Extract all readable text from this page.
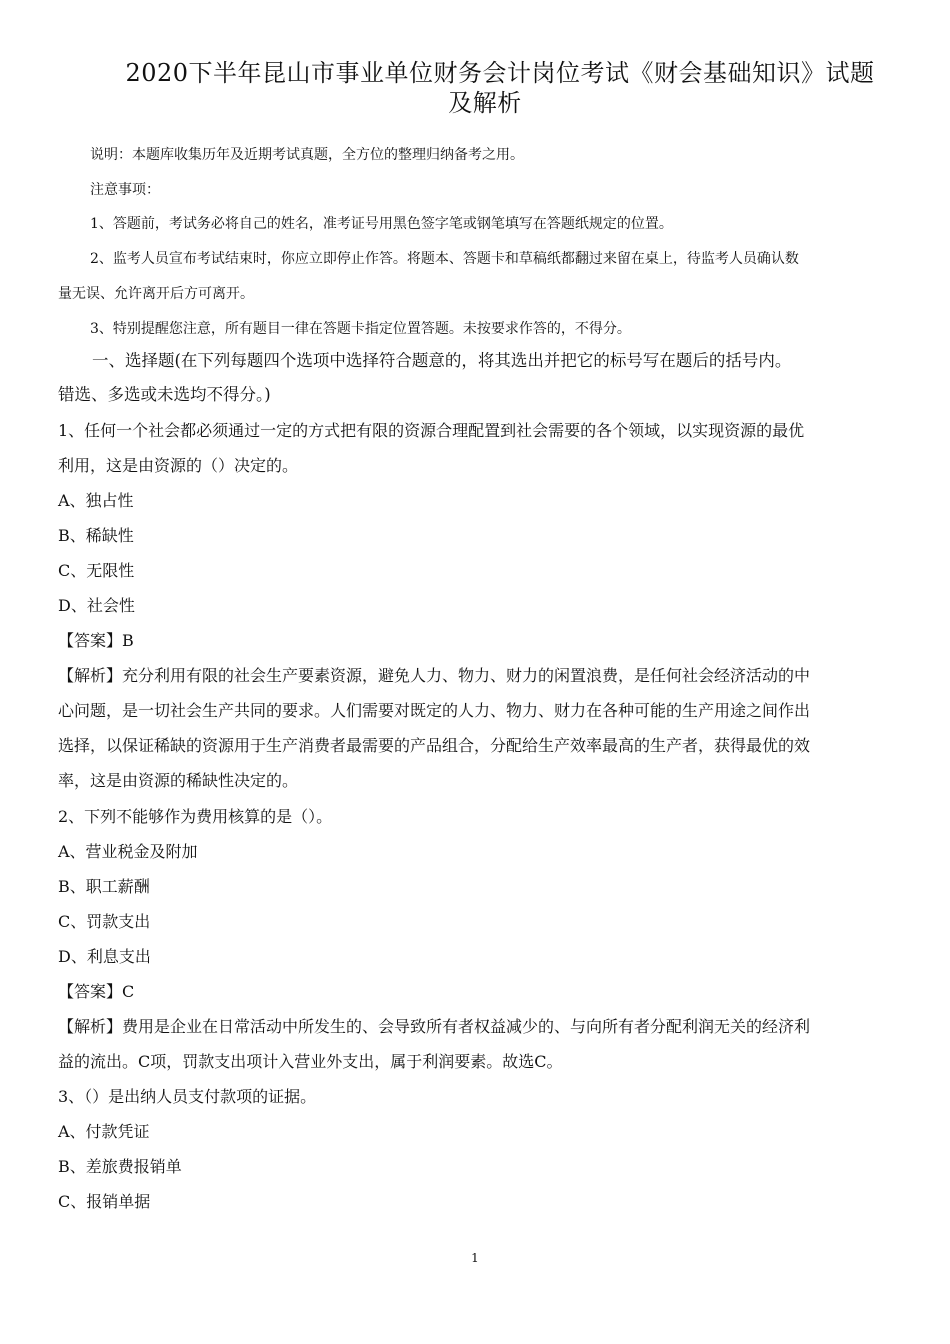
2020下半年昆山市事业单位财务会计岗位考试《财会基础知识》试题
及解析
说明：本题库收集历年及近期考试真题，全方位的整理归纳备考之用。
注意事项：
1、答题前，考试务必将自己的姓名，准考证号用黑色签字笔或钢笔填写在答题纸规定的位置。
2、监考人员宣布考试结束时，你应立即停止作答。将题本、答题卡和草稿纸都翻过来留在桌上，待监考人员确认数
量无误、允许离开后方可离开。
3、特别提醒您注意，所有题目一律在答题卡指定位置答题。未按要求作答的，不得分。
一、选择题(在下列每题四个选项中选择符合题意的，将其选出并把它的标号写在题后的括号内。
错选、多选或未选均不得分。)
1、任何一个社会都必须通过一定的方式把有限的资源合理配置到社会需要的各个领域，以实现资源的最优
利用，这是由资源的（）决定的。
A、独占性
B、稀缺性
C、无限性
D、社会性
【答案】B
【解析】充分利用有限的社会生产要素资源，避免人力、物力、财力的闲置浪费，是任何社会经济活动的中
心问题，是一切社会生产共同的要求。人们需要对既定的人力、物力、财力在各种可能的生产用途之间作出
选择，以保证稀缺的资源用于生产消费者最需要的产品组合，分配给生产效率最高的生产者，获得最优的效
率，这是由资源的稀缺性决定的。
2、下列不能够作为费用核算的是（）。
A、营业税金及附加
B、职工薪酬
C、罚款支出
D、利息支出
【答案】C
【解析】费用是企业在日常活动中所发生的、会导致所有者权益减少的、与向所有者分配利润无关的经济利
益的流出。C项，罚款支出项计入营业外支出，属于利润要素。故选C。
3、（）是出纳人员支付款项的证据。
A、付款凭证
B、差旅费报销单
C、报销单据
1
